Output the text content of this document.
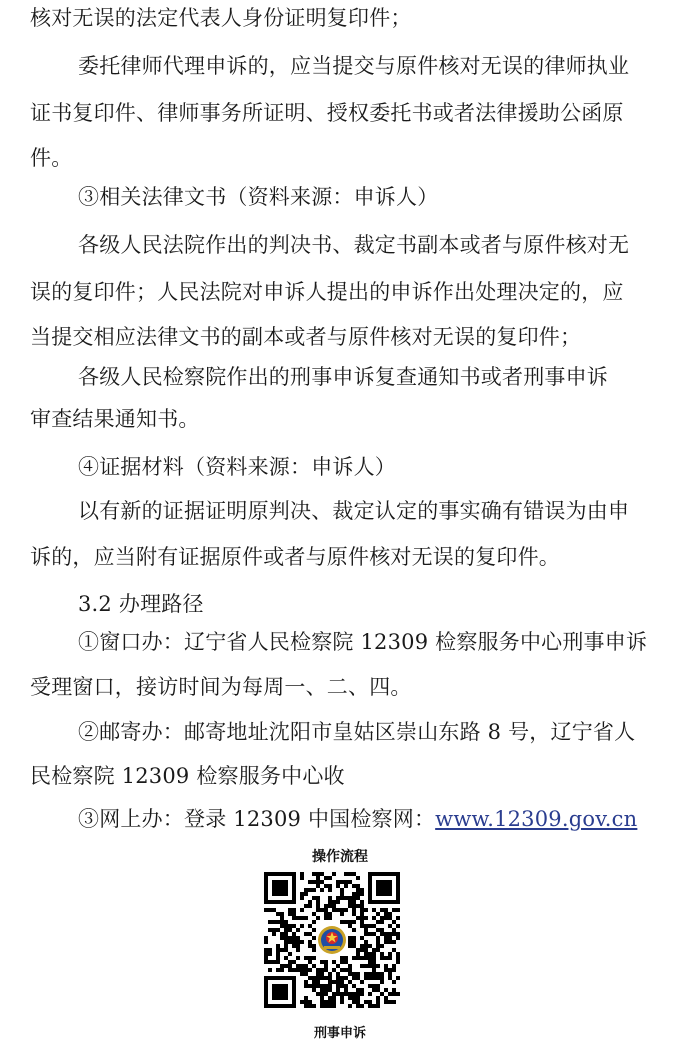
核对无误的法定代表人身份证明复印件；
委托律师代理申诉的，应当提交与原件核对无误的律师执业
证书复印件、律师事务所证明、授权委托书或者法律援助公函原
件。
③相关法律文书（资料来源：申诉人）
各级人民法院作出的判决书、裁定书副本或者与原件核对无
误的复印件；人民法院对申诉人提出的申诉作出处理决定的，应
当提交相应法律文书的副本或者与原件核对无误的复印件；
各级人民检察院作出的刑事申诉复查通知书或者刑事申诉
审查结果通知书。
④证据材料（资料来源：申诉人）
以有新的证据证明原判决、裁定认定的事实确有错误为由申
诉的，应当附有证据原件或者与原件核对无误的复印件。
3.2 办理路径
①窗口办：辽宁省人民检察院 12309 检察服务中心刑事申诉
受理窗口，接访时间为每周一、二、四。
②邮寄办：邮寄地址沈阳市皇姑区崇山东路 8 号，辽宁省人
民检察院 12309 检察服务中心收
③网上办：登录 12309 中国检察网：www.12309.gov.cn
操作流程
刑事申诉
